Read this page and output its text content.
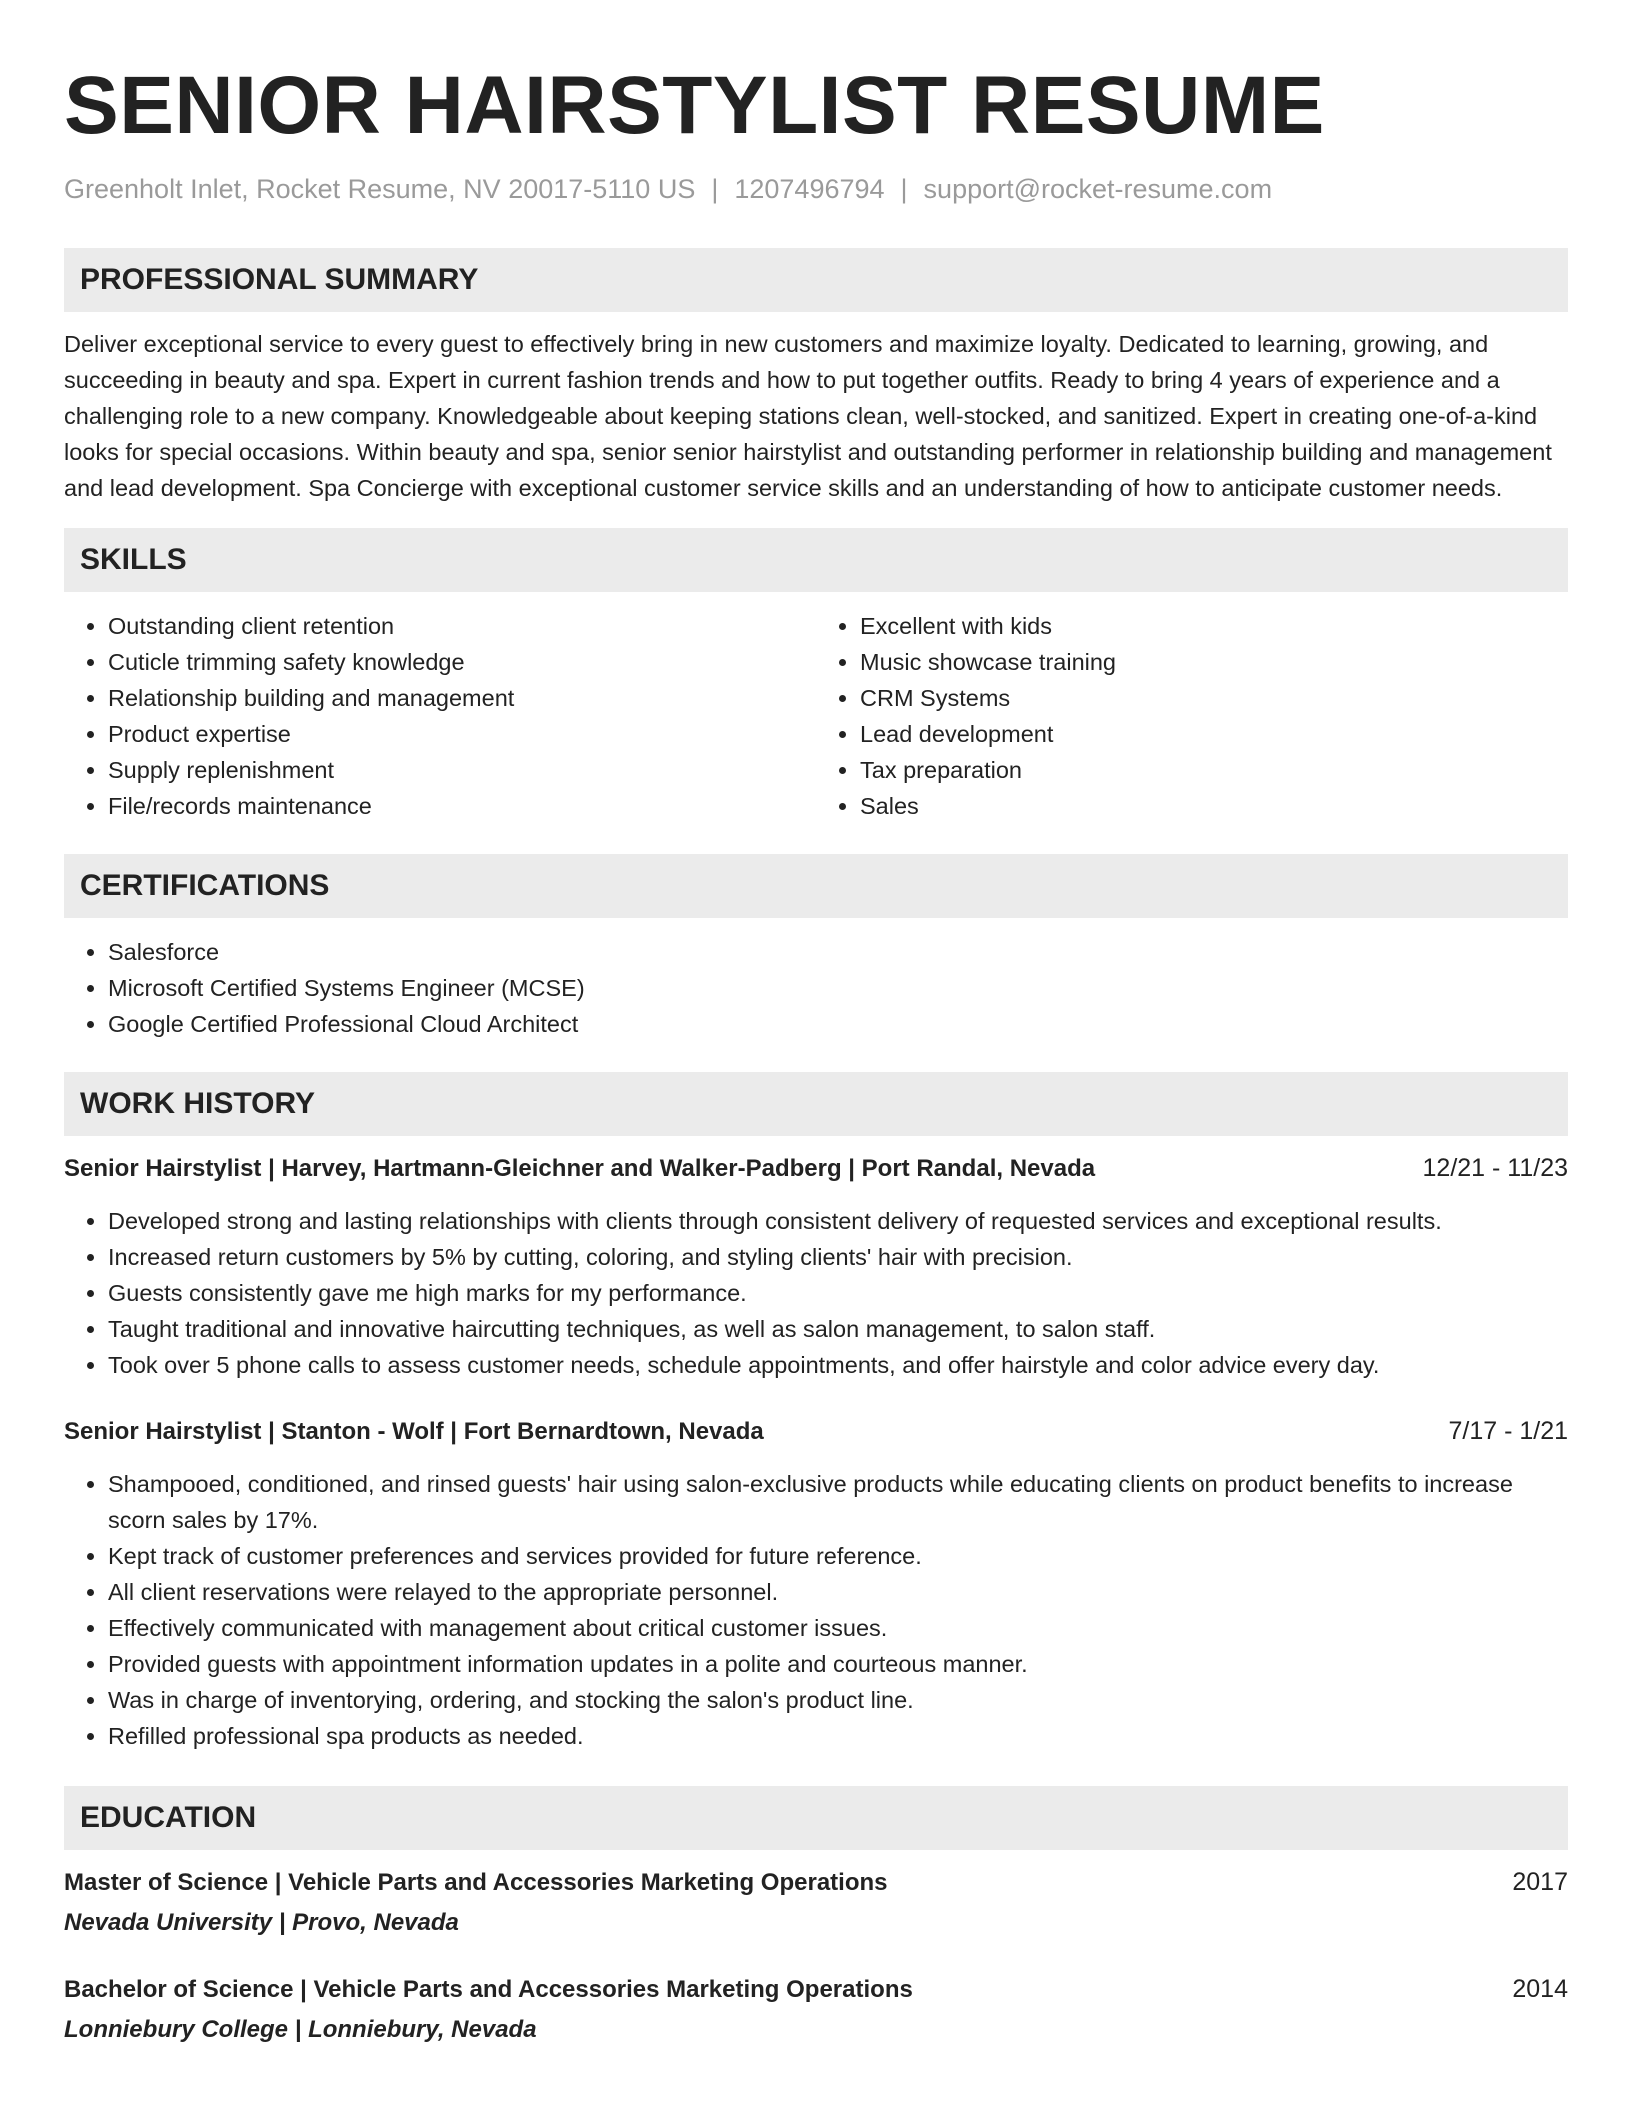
SENIOR HAIRSTYLIST RESUME
Greenholt Inlet, Rocket Resume, NV 20017-5110 US | 1207496794 | support@rocket-resume.com
PROFESSIONAL SUMMARY

Deliver exceptional service to every guest to effectively bring in new customers and maximize loyalty. Dedicated to learning, growing, and succeeding in beauty and spa. Expert in current fashion trends and how to put together outfits. Ready to bring 4 years of experience and a challenging role to a new company. Knowledgeable about keeping stations clean, well-stocked, and sanitized. Expert in creating one-of-a-kind looks for special occasions. Within beauty and spa, senior senior hairstylist and outstanding performer in relationship building and management and lead development. Spa Concierge with exceptional customer service skills and an understanding of how to anticipate customer needs.

SKILLS
• Outstanding client retention
• Cuticle trimming safety knowledge
• Relationship building and management
• Product expertise
• Supply replenishment
• File/records maintenance
• Excellent with kids
• Music showcase training
• CRM Systems
• Lead development
• Tax preparation
• Sales
CERTIFICATIONS
• Salesforce
• Microsoft Certified Systems Engineer (MCSE)
• Google Certified Professional Cloud Architect
WORK HISTORY
Senior Hairstylist | Harvey, Hartmann-Gleichner and Walker-Padberg | Port Randal, Nevada	12/21 - 11/23
• Developed strong and lasting relationships with clients through consistent delivery of requested services and exceptional results.
• Increased return customers by 5% by cutting, coloring, and styling clients' hair with precision.
• Guests consistently gave me high marks for my performance.
• Taught traditional and innovative haircutting techniques, as well as salon management, to salon staff.
• Took over 5 phone calls to assess customer needs, schedule appointments, and offer hairstyle and color advice every day.
Senior Hairstylist | Stanton - Wolf | Fort Bernardtown, Nevada	7/17 - 1/21
• Shampooed, conditioned, and rinsed guests' hair using salon-exclusive products while educating clients on product benefits to increase scorn sales by 17%.
• Kept track of customer preferences and services provided for future reference.
• All client reservations were relayed to the appropriate personnel.
• Effectively communicated with management about critical customer issues.
• Provided guests with appointment information updates in a polite and courteous manner.
• Was in charge of inventorying, ordering, and stocking the salon's product line.
• Refilled professional spa products as needed.
EDUCATION
Master of Science | Vehicle Parts and Accessories Marketing Operations	2017
Nevada University | Provo, Nevada
Bachelor of Science | Vehicle Parts and Accessories Marketing Operations	2014
Lonniebury College | Lonniebury, Nevada
